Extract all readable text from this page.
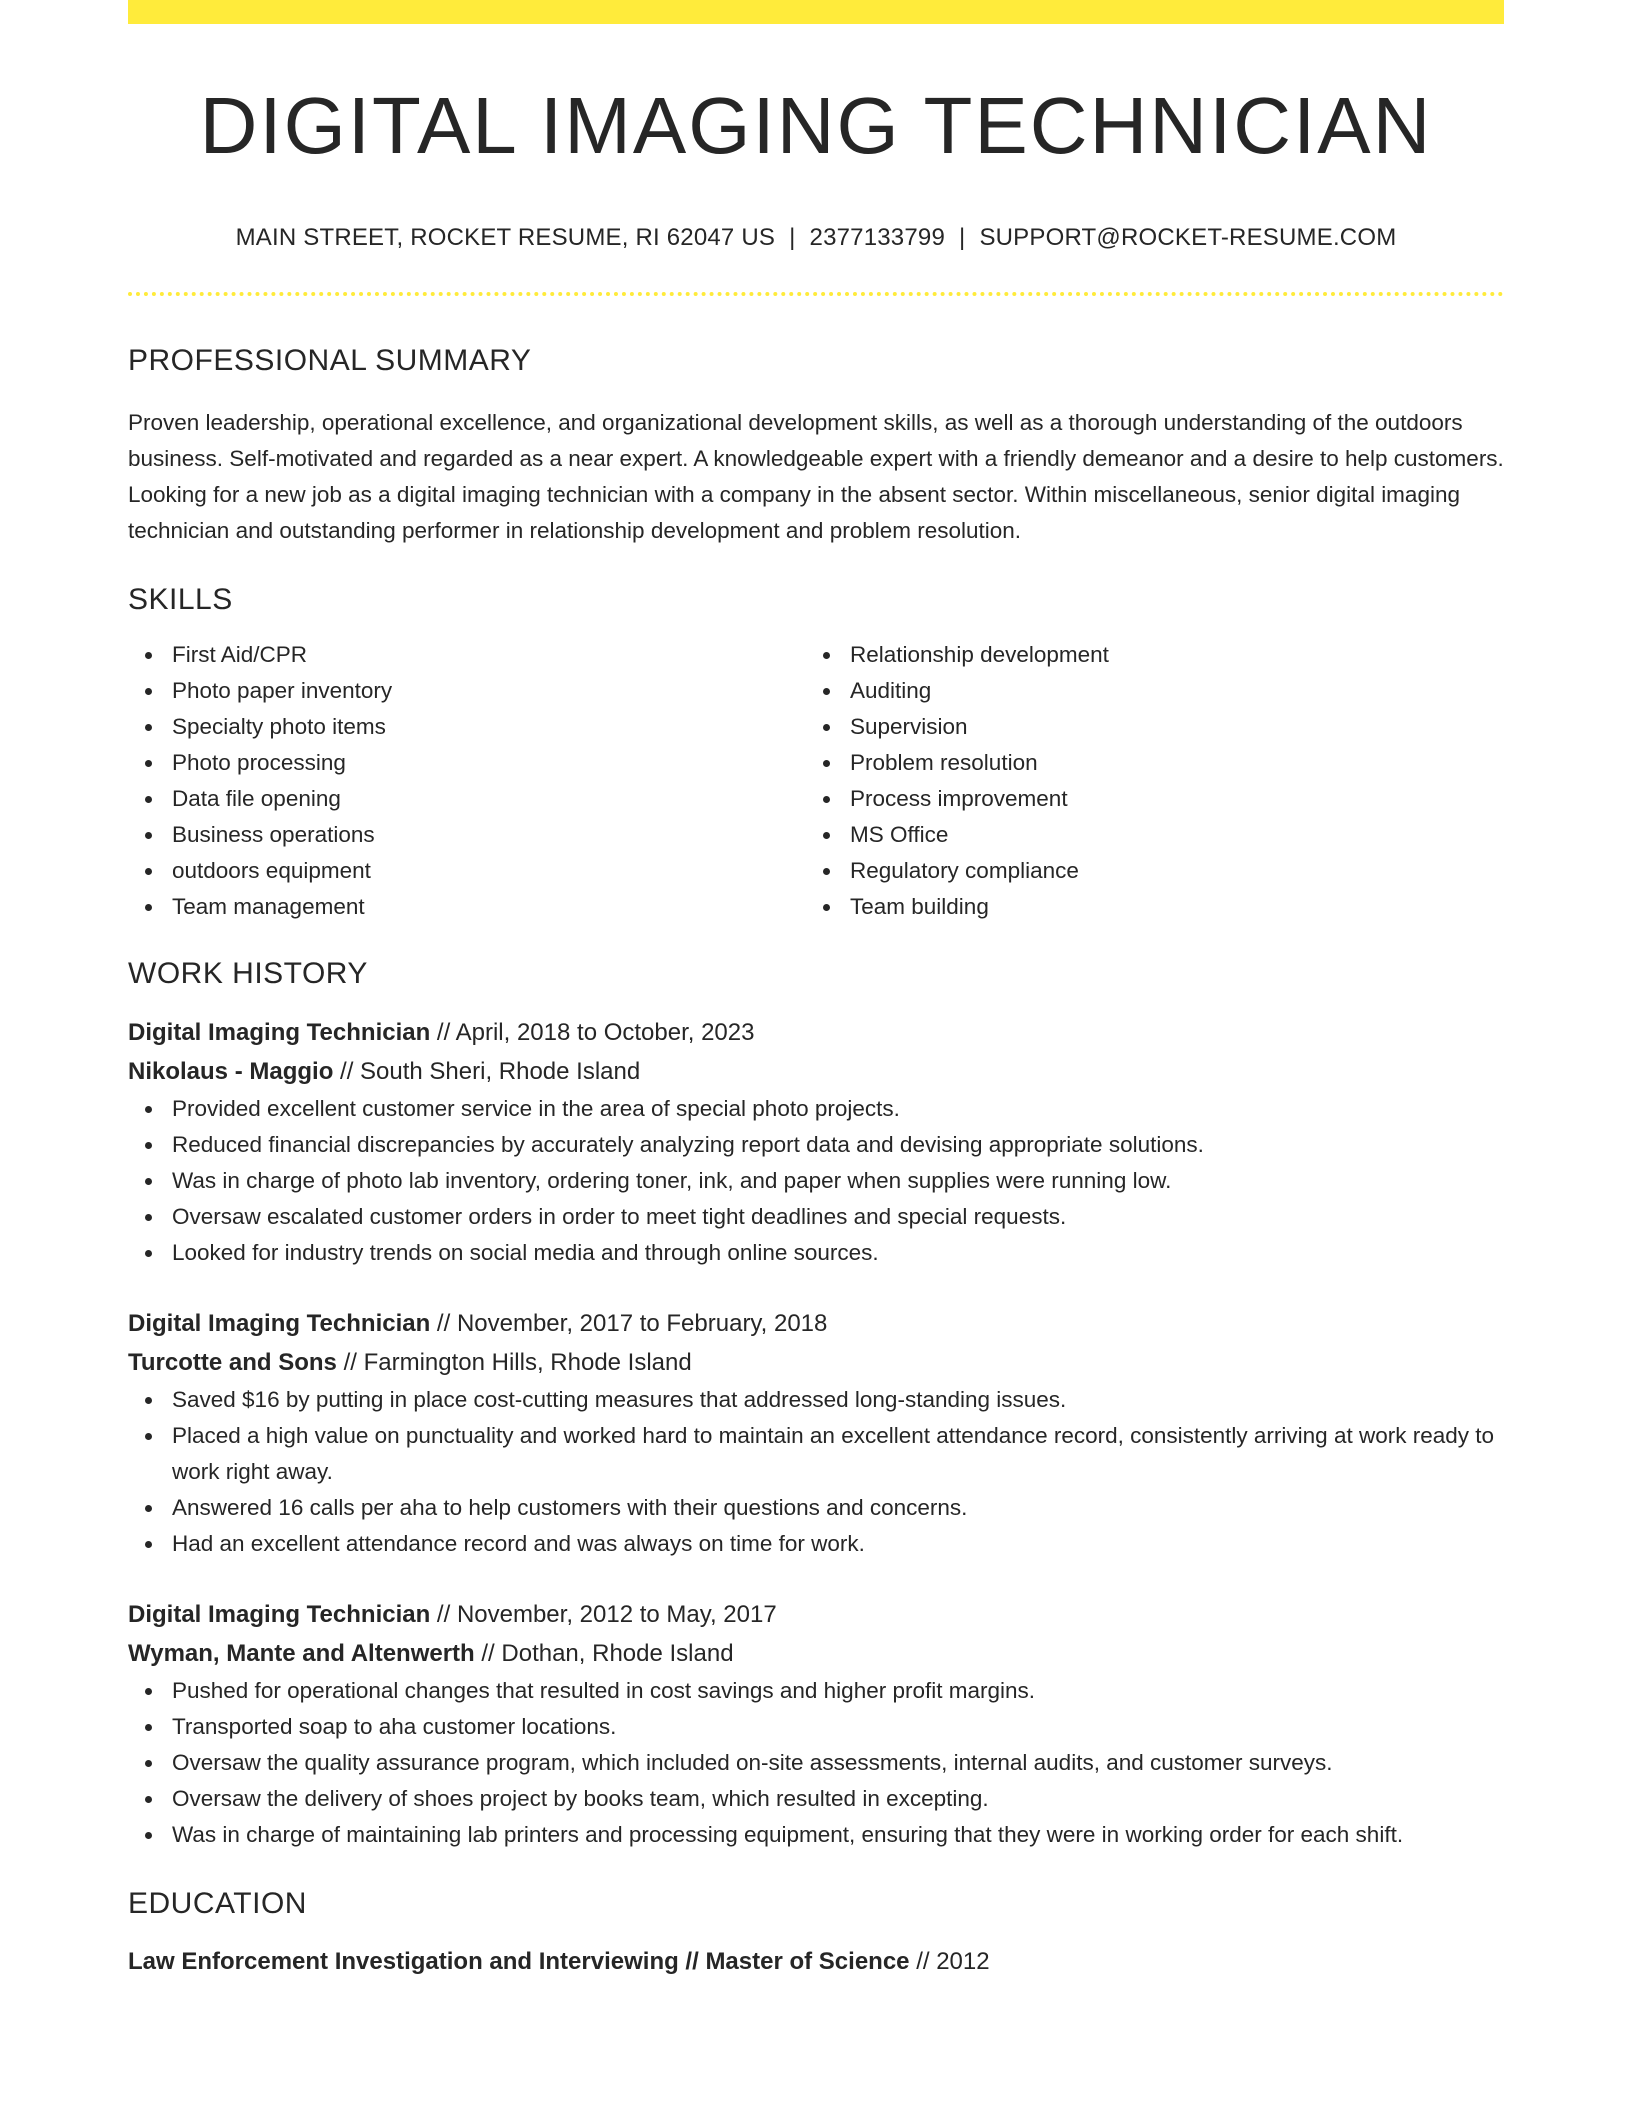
DIGITAL IMAGING TECHNICIAN
MAIN STREET, ROCKET RESUME, RI 62047 US | 2377133799 | SUPPORT@ROCKET-RESUME.COM
PROFESSIONAL SUMMARY

Proven leadership, operational excellence, and organizational development skills, as well as a thorough understanding of the outdoors business. Self-motivated and regarded as a near expert. A knowledgeable expert with a friendly demeanor and a desire to help customers. Looking for a new job as a digital imaging technician with a company in the absent sector. Within miscellaneous, senior digital imaging technician and outstanding performer in relationship development and problem resolution.

SKILLS
First Aid/CPR
Photo paper inventory
Specialty photo items
Photo processing
Data file opening
Business operations
outdoors equipment
Team management
Relationship development
Auditing
Supervision
Problem resolution
Process improvement
MS Office
Regulatory compliance
Team building
WORK HISTORY
Digital Imaging Technician // April, 2018 to October, 2023
Nikolaus - Maggio // South Sheri, Rhode Island
Provided excellent customer service in the area of special photo projects.
Reduced financial discrepancies by accurately analyzing report data and devising appropriate solutions.
Was in charge of photo lab inventory, ordering toner, ink, and paper when supplies were running low.
Oversaw escalated customer orders in order to meet tight deadlines and special requests.
Looked for industry trends on social media and through online sources.
Digital Imaging Technician // November, 2017 to February, 2018
Turcotte and Sons // Farmington Hills, Rhode Island
Saved $16 by putting in place cost-cutting measures that addressed long-standing issues.
Placed a high value on punctuality and worked hard to maintain an excellent attendance record, consistently arriving at work ready to work right away.
Answered 16 calls per aha to help customers with their questions and concerns.
Had an excellent attendance record and was always on time for work.
Digital Imaging Technician // November, 2012 to May, 2017
Wyman, Mante and Altenwerth // Dothan, Rhode Island
Pushed for operational changes that resulted in cost savings and higher profit margins.
Transported soap to aha customer locations.
Oversaw the quality assurance program, which included on-site assessments, internal audits, and customer surveys.
Oversaw the delivery of shoes project by books team, which resulted in excepting.
Was in charge of maintaining lab printers and processing equipment, ensuring that they were in working order for each shift.
EDUCATION
Law Enforcement Investigation and Interviewing // Master of Science // 2012
